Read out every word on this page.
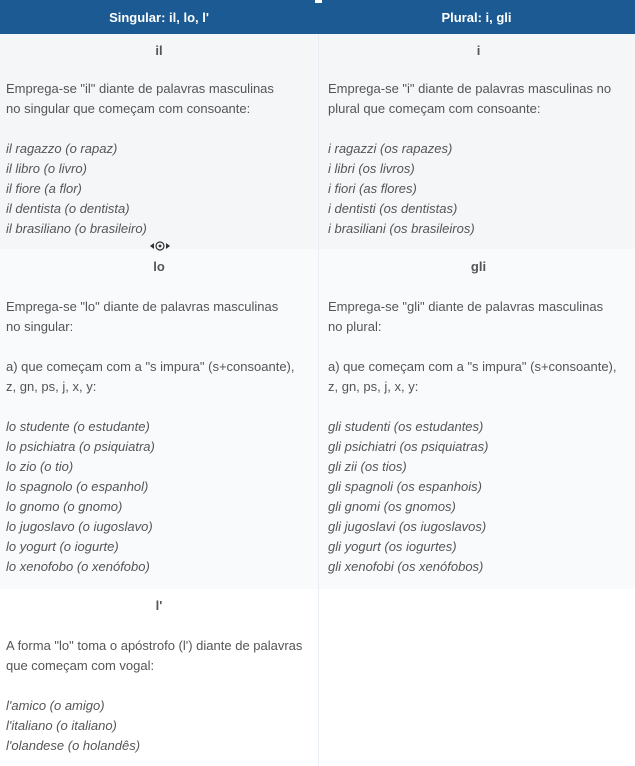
Singular: il, lo, l'	Plural: i, gli
il
Emprega-se "il" diante de palavras masculinas
no singular que começam com consoante:
il ragazzo (o rapaz)
il libro (o livro)
il fiore (a flor)
il dentista (o dentista)
il brasiliano (o brasileiro)
i
Emprega-se "i" diante de palavras masculinas no
plural que começam com consoante:
i ragazzi (os rapazes)
i libri (os livros)
i fiori (as flores)
i dentisti (os dentistas)
i brasiliani (os brasileiros)
lo
Emprega-se "lo" diante de palavras masculinas
no singular:
a) que começam com a "s impura" (s+consoante),
z, gn, ps, j, x, y:
lo studente (o estudante)
lo psichiatra (o psiquiatra)
lo zio (o tio)
lo spagnolo (o espanhol)
lo gnomo (o gnomo)
lo jugoslavo (o iugoslavo)
lo yogurt (o iogurte)
lo xenofobo (o xenófobo)
gli
Emprega-se "gli" diante de palavras masculinas
no plural:
a) que começam com a "s impura" (s+consoante),
z, gn, ps, j, x, y:
gli studenti (os estudantes)
gli psichiatri (os psiquiatras)
gli zii (os tios)
gli spagnoli (os espanhois)
gli gnomi (os gnomos)
gli jugoslavi (os iugoslavos)
gli yogurt (os iogurtes)
gli xenofobi (os xenófobos)
l'
A forma "lo" toma o apóstrofo (l') diante de palavras
que começam com vogal:
l'amico (o amigo)
l'italiano (o italiano)
l'olandese (o holandês)
